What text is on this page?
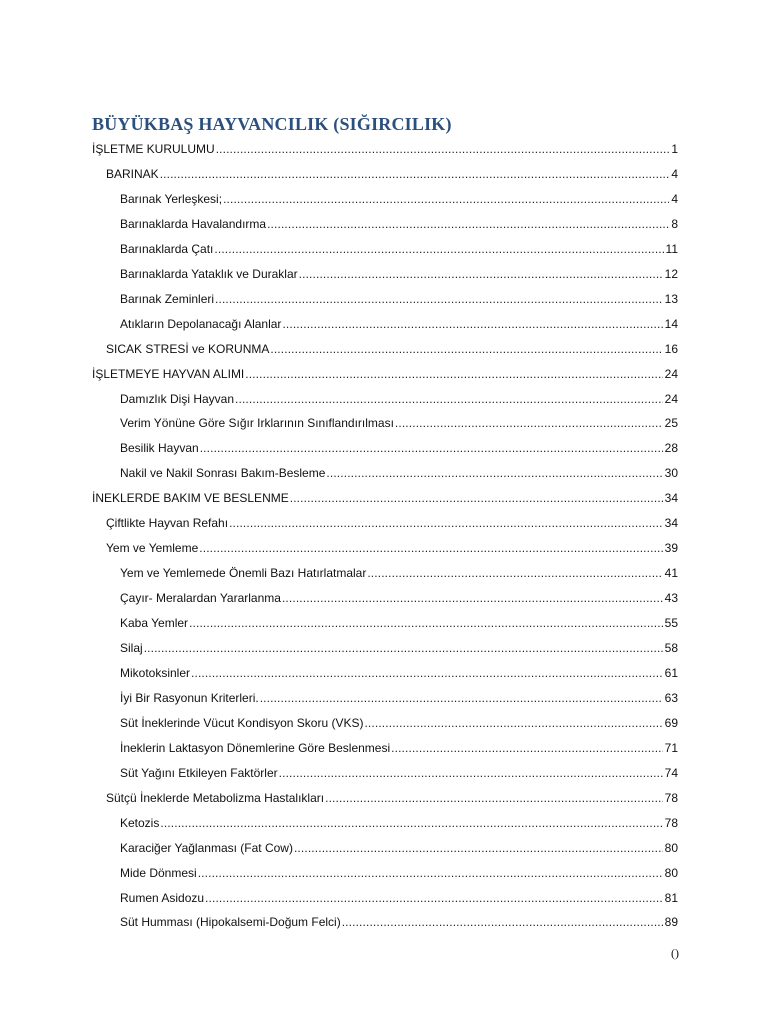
BÜYÜKBAŞ HAYVANCILIK (SIĞIRCILIK)
İŞLETME KURULUMU . . .	1
BARINAK . . .	4
Barınak Yerleşkesi; . . .	4
Barınaklarda Havalandırma . . .	8
Barınaklarda Çatı . . .	11
Barınaklarda Yataklık ve Duraklar . . .	12
Barınak Zeminleri . . .	13
Atıkların Depolanacağı Alanlar . . .	14
SICAK STRESİ ve KORUNMA . . .	16
İŞLETMEYE HAYVAN ALIMI . . .	24
Damızlık Dişi Hayvan . . .	24
Verim Yönüne Göre Sığır Irklarının Sınıflandırılması . . .	25
Besilik Hayvan . . .	28
Nakil ve Nakil Sonrası Bakım-Besleme . . .	30
İNEKLERDE BAKIM VE BESLENME . . .	34
Çiftlikte Hayvan Refahı . . .	34
Yem ve Yemleme . . .	39
Yem ve Yemlemede Önemli Bazı Hatırlatmalar . . .	41
Çayır- Meralardan Yararlanma . . .	43
Kaba Yemler . . .	55
Silaj . . .	58
Mikotoksinler . . .	61
İyi Bir Rasyonun Kriterleri. . . .	63
Süt İneklerinde Vücut Kondisyon Skoru (VKS) . . .	69
İneklerin Laktasyon Dönemlerine Göre Beslenmesi . . .	71
Süt Yağını Etkileyen Faktörler . . .	74
Sütçü İneklerde Metabolizma Hastalıkları . . .	78
Ketozis . . .	78
Karaciğer Yağlanması (Fat Cow) . . .	80
Mide Dönmesi . . .	80
Rumen Asidozu . . .	81
Süt Humması (Hipokalsemi-Doğum Felci) . . .	89
()
